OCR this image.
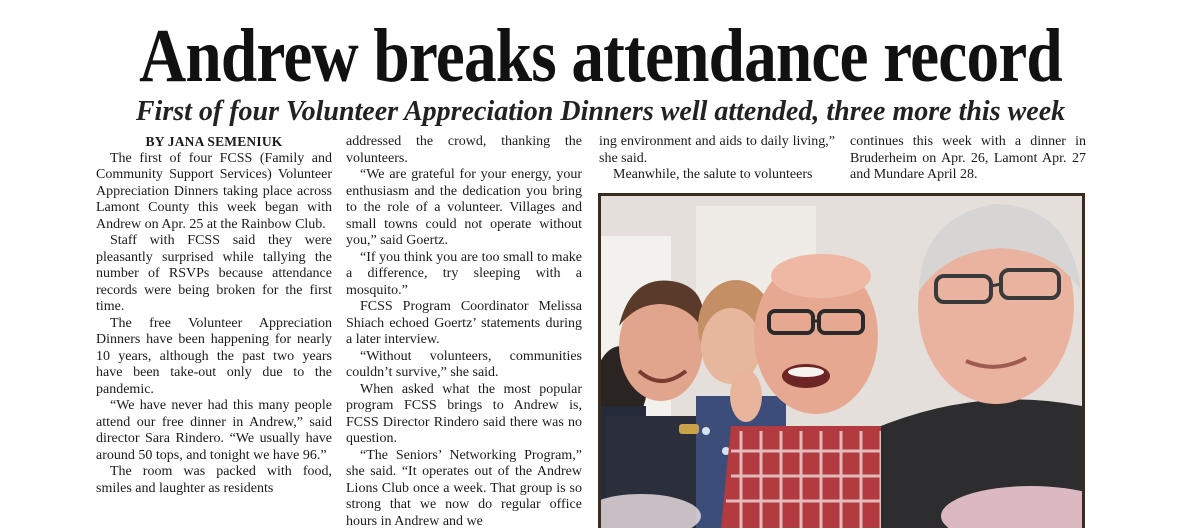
Andrew breaks attendance record
First of four Volunteer Appreciation Dinners well attended, three more this week

BY JANA SEMENIUK

The first of four FCSS (Family and Community Support Services) Volunteer Appreciation Dinners taking place across Lamont County this week began with Andrew on Apr. 25 at the Rainbow Club.

Staff with FCSS said they were pleasantly surprised while tallying the number of RSVPs because attendance records were being broken for the first time.

The free Volunteer Appreciation Dinners have been happening for nearly 10 years, although the past two years have been take-out only due to the pandemic.

“We have never had this many people attend our free dinner in Andrew,” said director Sara Rindero. “We usually have around 50 tops, and tonight we have 96.”

The room was packed with food, smiles and laughter as residents

addressed the crowd, thanking the volunteers.

“We are grateful for your energy, your enthusiasm and the dedication you bring to the role of a volunteer. Villages and small towns could not operate without you,” said Goertz.

“If you think you are too small to make a difference, try sleeping with a mosquito.”

FCSS Program Coordinator Melissa Shiach echoed Goertz’ statements during a later interview.

“Without volunteers, communities couldn’t survive,” she said.

When asked what the most popular program FCSS brings to Andrew is, FCSS Director Rindero said there was no question.

“The Seniors’ Networking Program,” she said. “It operates out of the Andrew Lions Club once a week. That group is so strong that we now do regular office hours in Andrew and we

ing environment and aids to daily living,” she said.

Meanwhile, the salute to volunteers

continues this week with a dinner in Bruderheim on Apr. 26, Lamont Apr. 27 and Mundare April 28.
